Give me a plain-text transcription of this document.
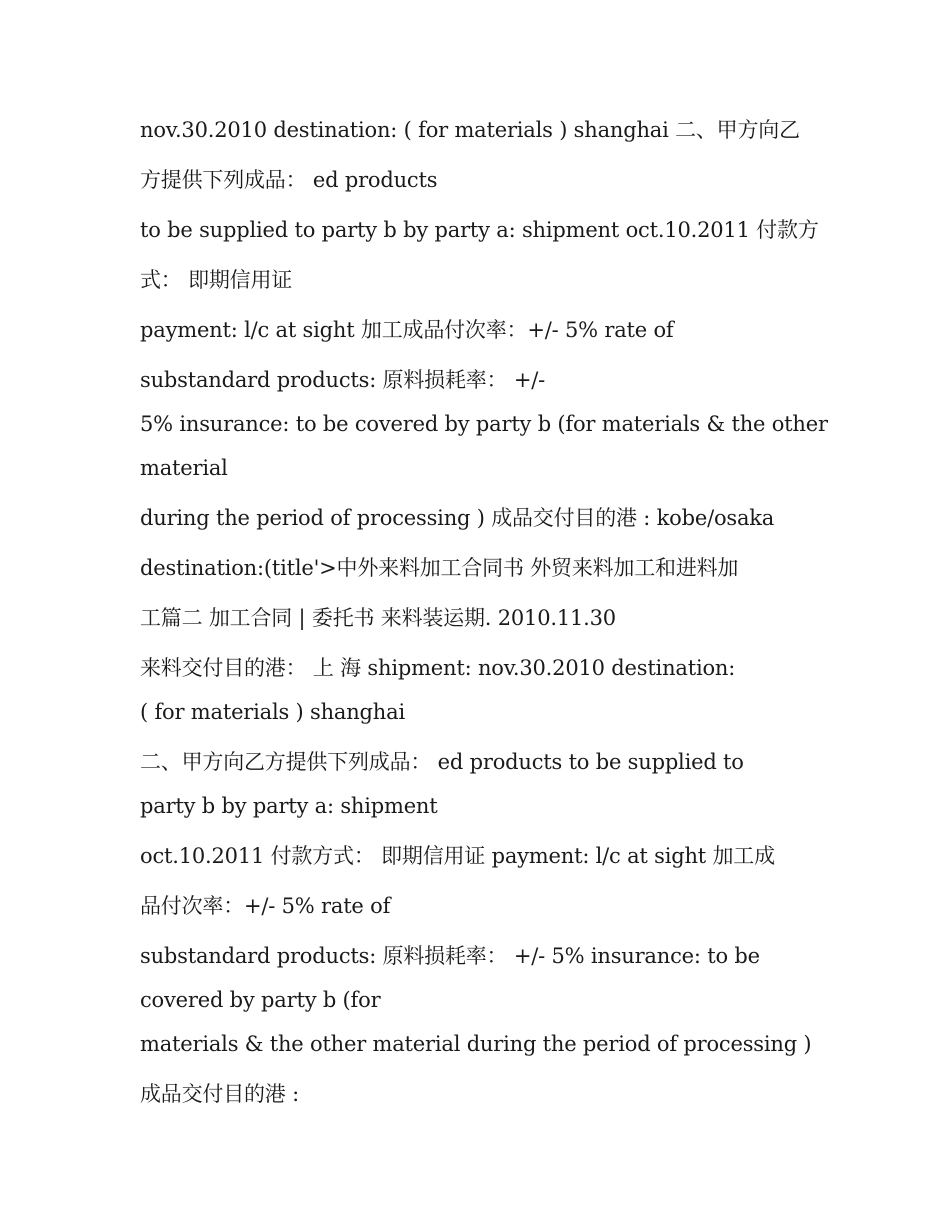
nov.30.2010 destination: ( for materials ) shanghai 二、甲方向乙
方提供下列成品： ed products
to be supplied to party b by party a: shipment oct.10.2011 付款方
式： 即期信用证
payment: l/c at sight 加工成品付次率：+/- 5% rate of
substandard products: 原料损耗率： +/-
5% insurance: to be covered by party b (for materials & the other
material
during the period of processing ) 成品交付目的港 : kobe/osaka
destination:(title'>中外来料加工合同书 外贸来料加工和进料加
工篇二 加工合同 | 委托书 来料装运期. 2010.11.30
来料交付目的港： 上 海 shipment: nov.30.2010 destination:
( for materials ) shanghai
二、甲方向乙方提供下列成品： ed products to be supplied to
party b by party a: shipment
oct.10.2011 付款方式： 即期信用证 payment: l/c at sight 加工成
品付次率：+/- 5% rate of
substandard products: 原料损耗率： +/- 5% insurance: to be
covered by party b (for
materials & the other material during the period of processing )
成品交付目的港 :
